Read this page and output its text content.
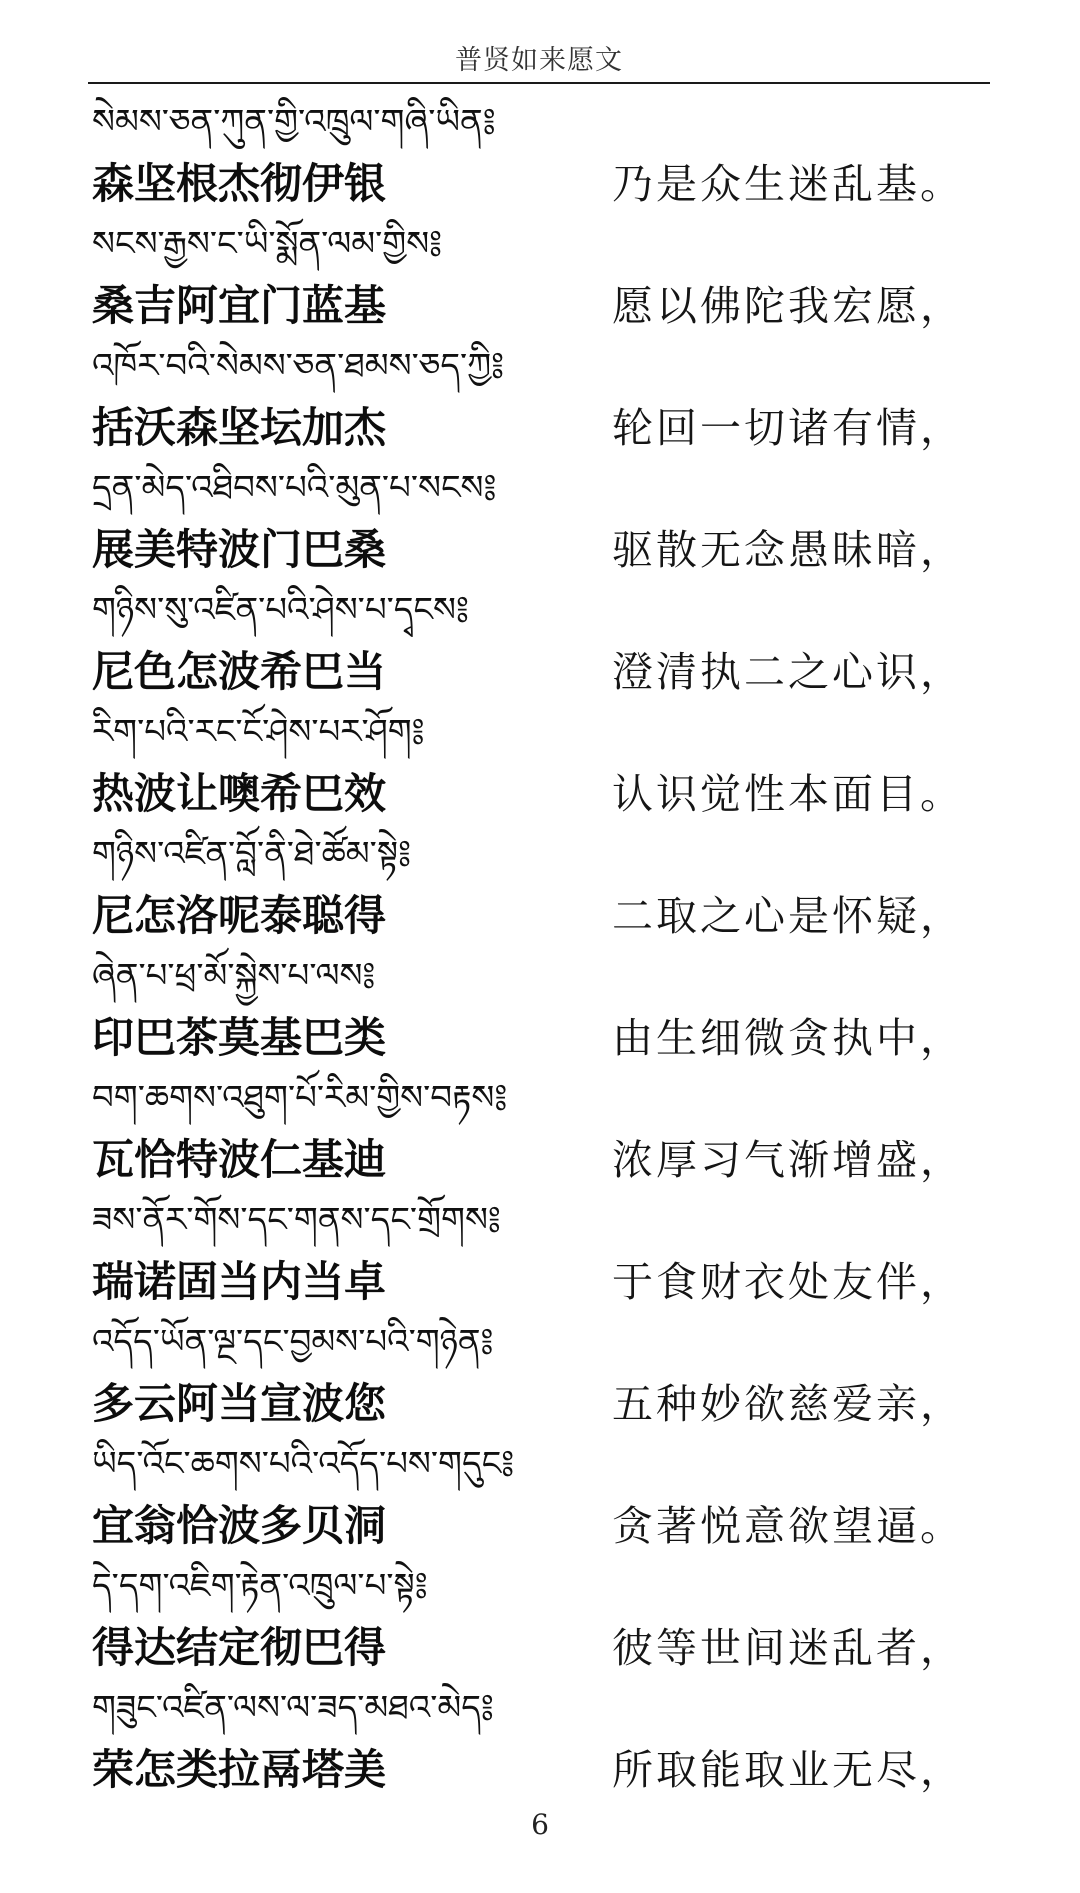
普贤如来愿文
སེམས་ཅན་ཀུན་གྱི་འཁྲུལ་གཞི་ཡིན༔
森坚根杰彻伊银	乃是众生迷乱基。
སངས་རྒྱས་ང་ཡི་སྨོན་ལམ་གྱིས༔
桑吉阿宜门蓝基	愿以佛陀我宏愿，
འཁོར་བའི་སེམས་ཅན་ཐམས་ཅད་ཀྱི༔
括沃森坚坛加杰	轮回一切诸有情，
དྲན་མེད་འཐིབས་པའི་མུན་པ་སངས༔
展美特波门巴桑	驱散无念愚昧暗，
གཉིས་སུ་འཛིན་པའི་ཤེས་པ་དྭངས༔
尼色怎波希巴当	澄清执二之心识，
རིག་པའི་རང་ངོ་ཤེས་པར་ཤོག༔
热波让噢希巴效	认识觉性本面目。
གཉིས་འཛིན་བློ་ནི་ཐེ་ཚོམ་སྟེ༔
尼怎洛呢泰聪得	二取之心是怀疑，
ཞེན་པ་ཕྲ་མོ་སྐྱེས་པ་ལས༔
印巴茶莫基巴类	由生细微贪执中，
བག་ཆགས་འཐུག་པོ་རིམ་གྱིས་བརྟས༔
瓦恰特波仁基迪	浓厚习气渐增盛，
ཟས་ནོར་གོས་དང་གནས་དང་གྲོགས༔
瑞诺固当内当卓	于食财衣处友伴，
འདོད་ཡོན་ལྔ་དང་བྱམས་པའི་གཉེན༔
多云阿当宣波您	五种妙欲慈爱亲，
ཡིད་འོང་ཆགས་པའི་འདོད་པས་གདུང༔
宜翁恰波多贝洞	贪著悦意欲望逼。
དེ་དག་འཇིག་རྟེན་འཁྲུལ་པ་སྟེ༔
得达结定彻巴得	彼等世间迷乱者，
གཟུང་འཛིན་ལས་ལ་ཟད་མཐའ་མེད༔
荣怎类拉鬲塔美	所取能取业无尽，
6
